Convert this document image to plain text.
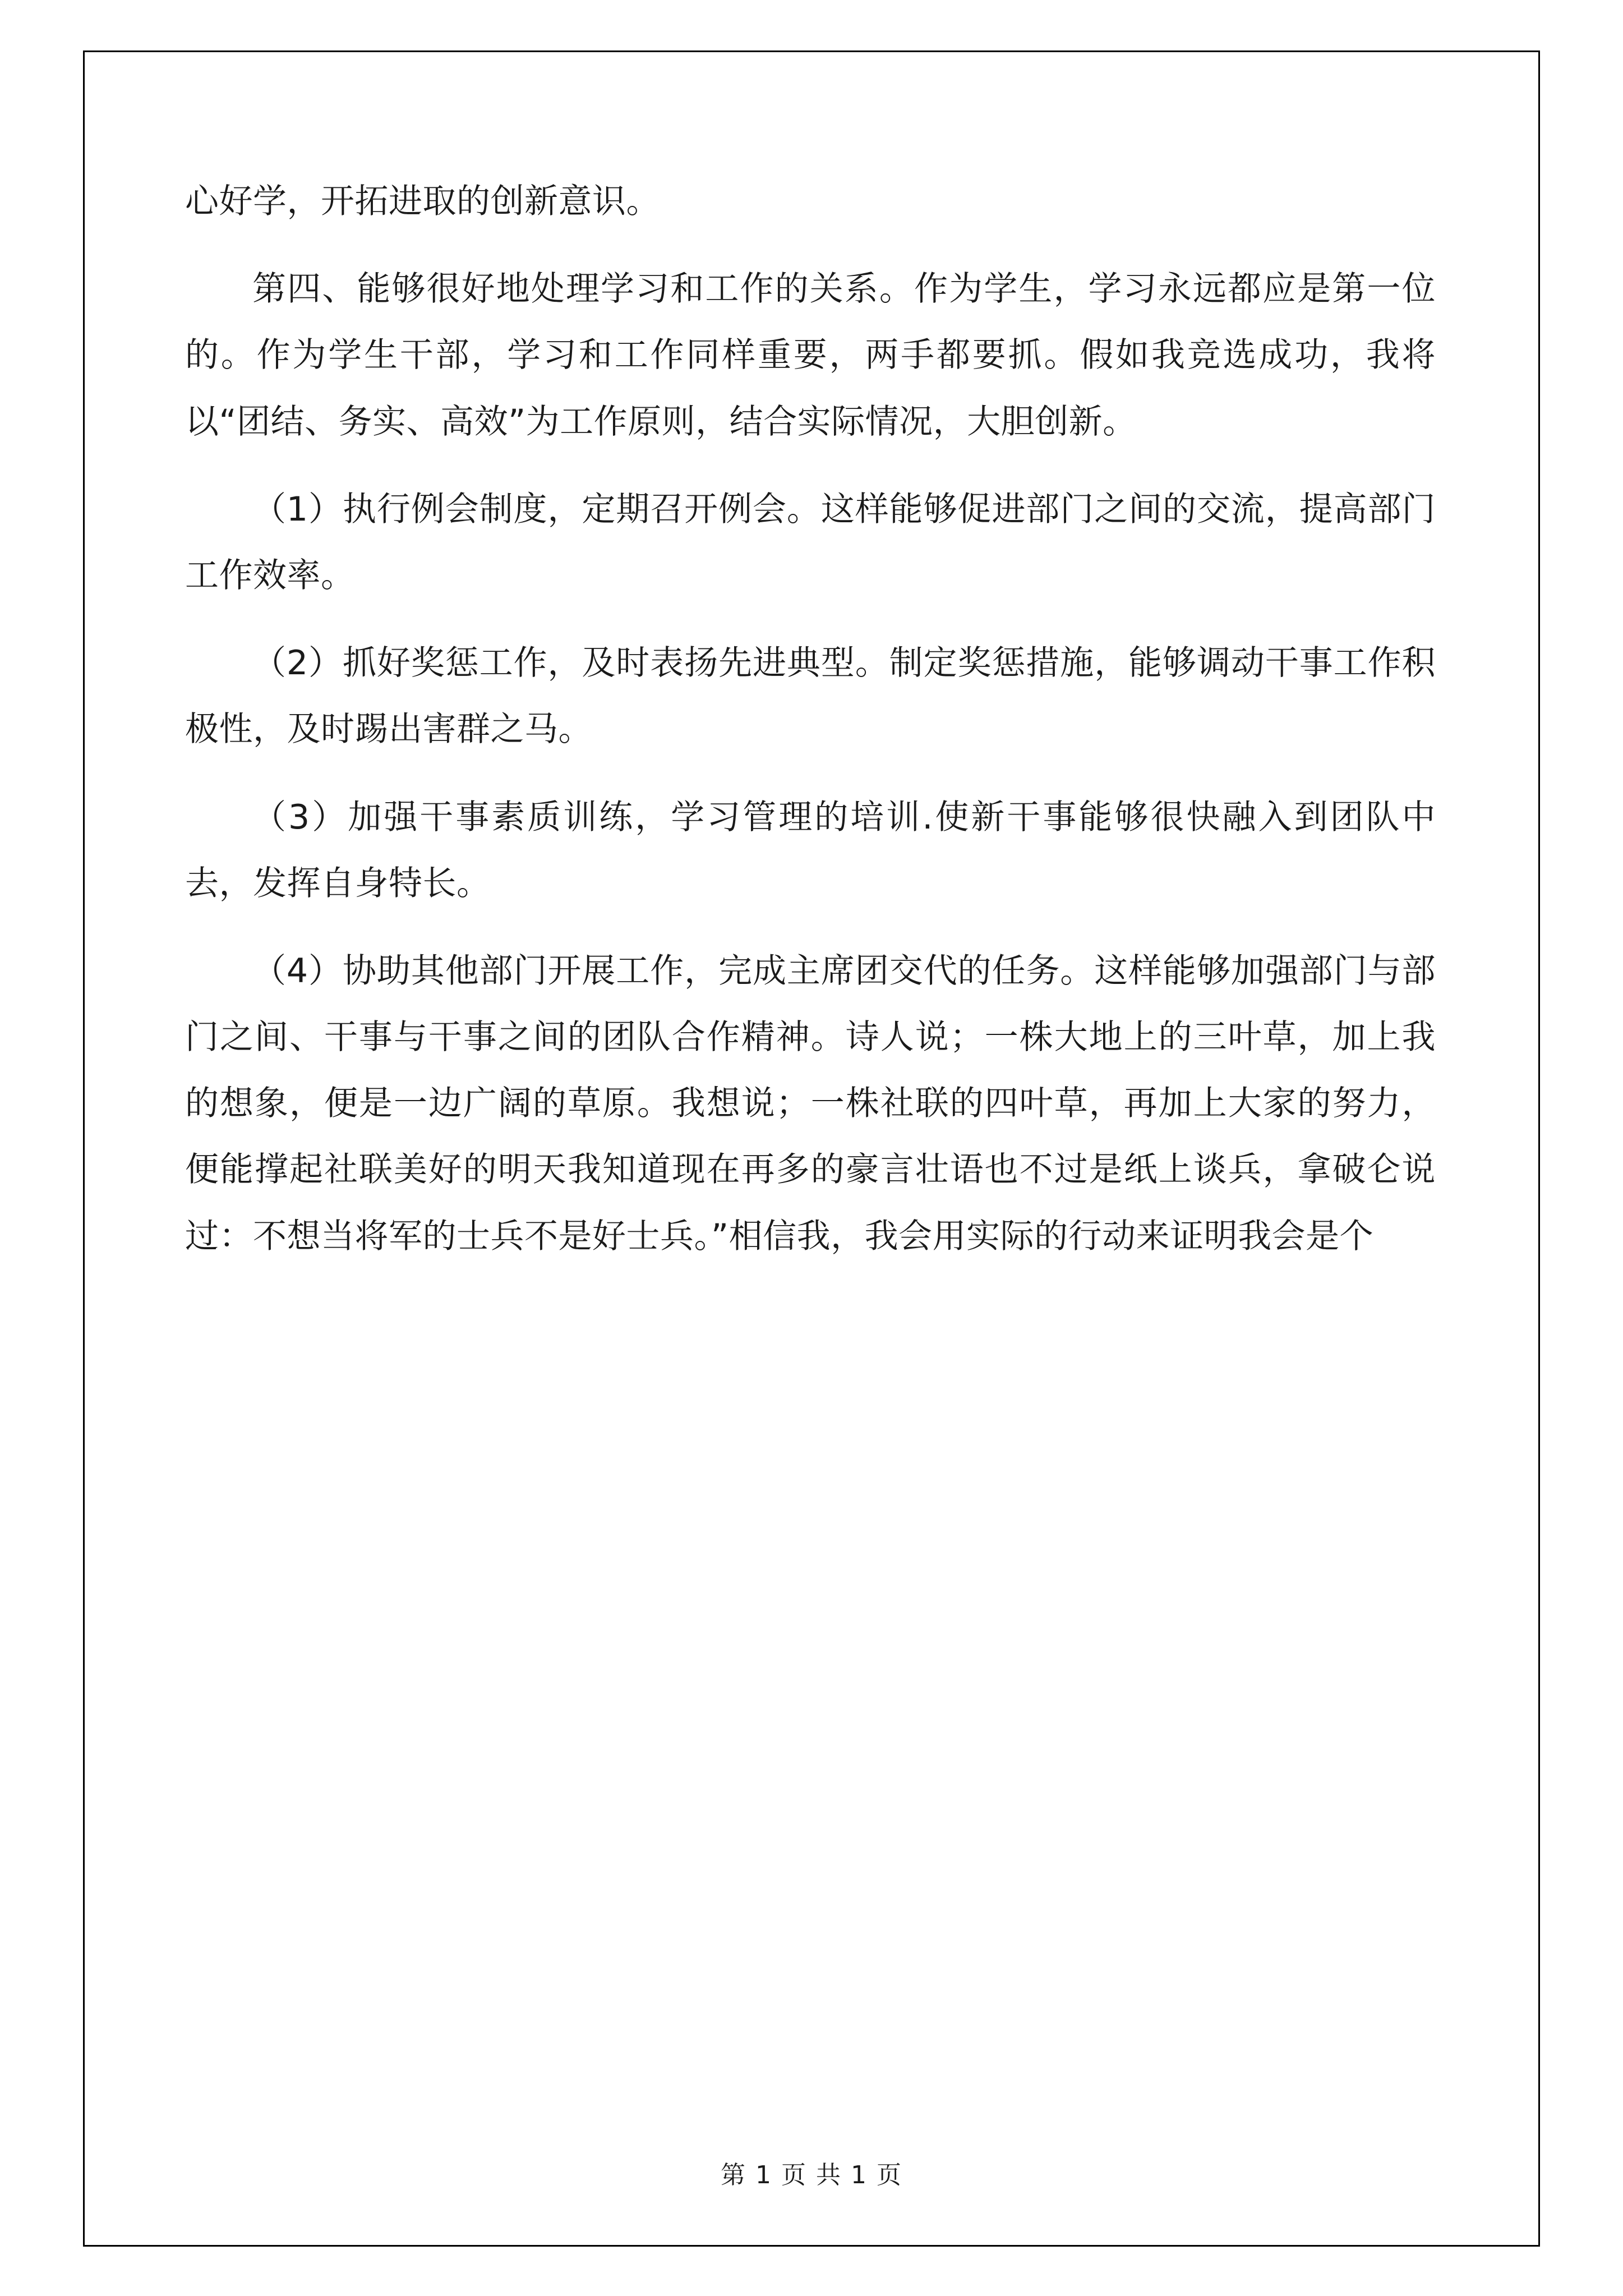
心好学，开拓进取的创新意识。

第四、能够很好地处理学习和工作的关系。作为学生，学习永远都应是第一位的。作为学生干部，学习和工作同样重要，两手都要抓。假如我竞选成功，我将以“团结、务实、高效”为工作原则，结合实际情况，大胆创新。

（1）执行例会制度，定期召开例会。这样能够促进部门之间的交流，提高部门工作效率。

（2）抓好奖惩工作，及时表扬先进典型。制定奖惩措施，能够调动干事工作积极性，及时踢出害群之马。

（3）加强干事素质训练，学习管理的培训.使新干事能够很快融入到团队中去，发挥自身特长。

（4）协助其他部门开展工作，完成主席团交代的任务。这样能够加强部门与部门之间、干事与干事之间的团队合作精神。诗人说；一株大地上的三叶草，加上我的想象，便是一边广阔的草原。我想说；一株社联的四叶草，再加上大家的努力，便能撑起社联美好的明天我知道现在再多的豪言壮语也不过是纸上谈兵，拿破仑说过：不想当将军的士兵不是好士兵。”相信我，我会用实际的行动来证明我会是个

第 1 页 共 1 页
